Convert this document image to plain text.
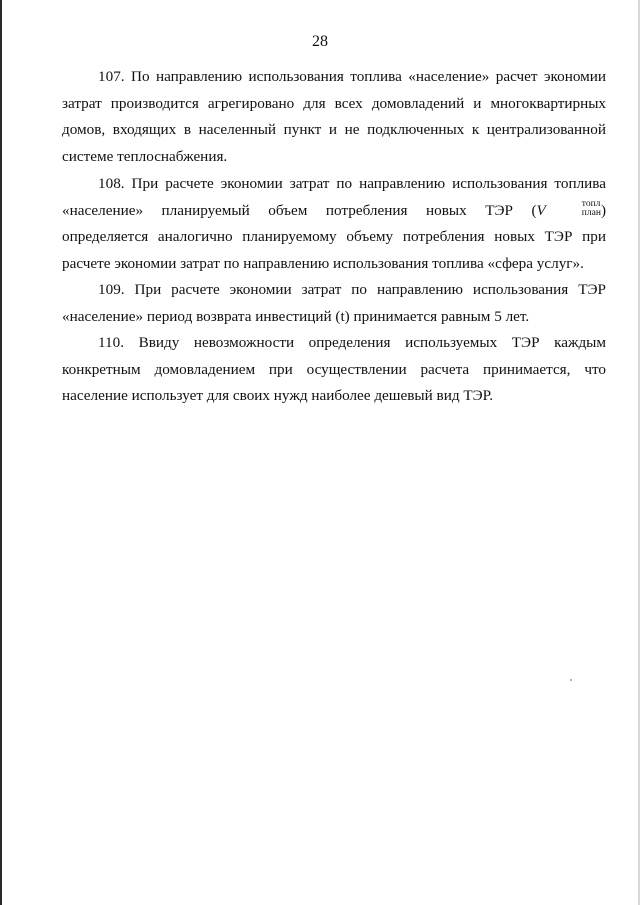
28

107. По направлению использования топлива «население» расчет экономии затрат производится агрегировано для всех домовладений и многоквартирных домов, входящих в населенный пункт и не подключенных к централизованной системе теплоснабжения.

108. При расчете экономии затрат по направлению использования топлива «население» планируемый объем потребления новых ТЭР (V	топл
план ) определяется аналогично планируемому объему потребления новых ТЭР при расчете экономии затрат по направлению использования топлива «сфера услуг».

109. При расчете экономии затрат по направлению использования ТЭР «население» период возврата инвестиций (t) принимается равным 5 лет.

110. Ввиду невозможности определения используемых ТЭР каждым конкретным домовладением при осуществлении расчета принимается, что население использует для своих нужд наиболее дешевый вид ТЭР.
